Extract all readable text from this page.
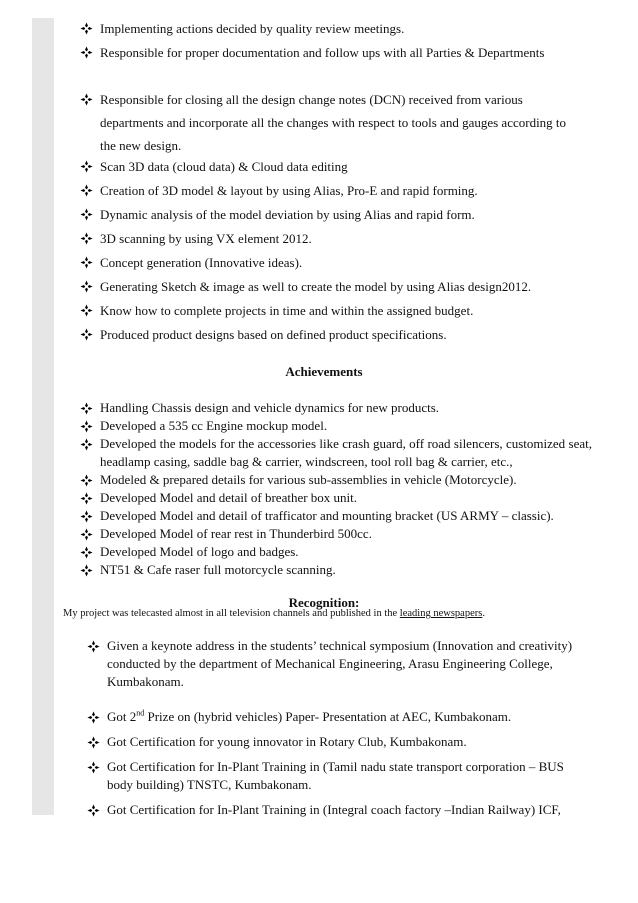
Implementing actions decided by quality review meetings.
Responsible for proper documentation and follow ups with all Parties & Departments
Responsible for closing all the design change notes (DCN) received from various departments and incorporate all the changes with respect to tools and gauges according to the new design.
Scan 3D data (cloud data) & Cloud data editing
Creation of 3D model & layout by using Alias, Pro-E and rapid forming.
Dynamic analysis of the model deviation by using Alias and rapid form.
3D scanning by using VX element 2012.
Concept generation (Innovative ideas).
Generating Sketch & image as well to create the model by using Alias design2012.
Know how to complete projects in time and within the assigned budget.
Produced product designs based on defined product specifications.
Achievements
Handling Chassis design and vehicle dynamics for new products.
Developed a 535 cc Engine mockup model.
Developed the models for the accessories like crash guard, off road silencers, customized seat, headlamp casing, saddle bag & carrier, windscreen, tool roll bag & carrier, etc.,
Modeled & prepared details for various sub-assemblies in vehicle (Motorcycle).
Developed Model and detail of breather box unit.
Developed Model and detail of trafficator and mounting bracket (US ARMY – classic).
Developed Model of rear rest in Thunderbird 500cc.
Developed Model of logo and badges.
NT51 & Cafe raser full motorcycle scanning.
Recognition:
My project was telecasted almost in all television channels and published in the leading newspapers.
Given a keynote address in the students’ technical symposium (Innovation and creativity) conducted by the department of Mechanical Engineering, Arasu Engineering College, Kumbakonam.
Got 2nd Prize on (hybrid vehicles) Paper- Presentation at AEC, Kumbakonam.
Got Certification for young innovator in Rotary Club, Kumbakonam.
Got Certification for In-Plant Training in (Tamil nadu state transport corporation – BUS body building) TNSTC, Kumbakonam.
Got Certification for In-Plant Training in (Integral coach factory –Indian Railway) ICF,
